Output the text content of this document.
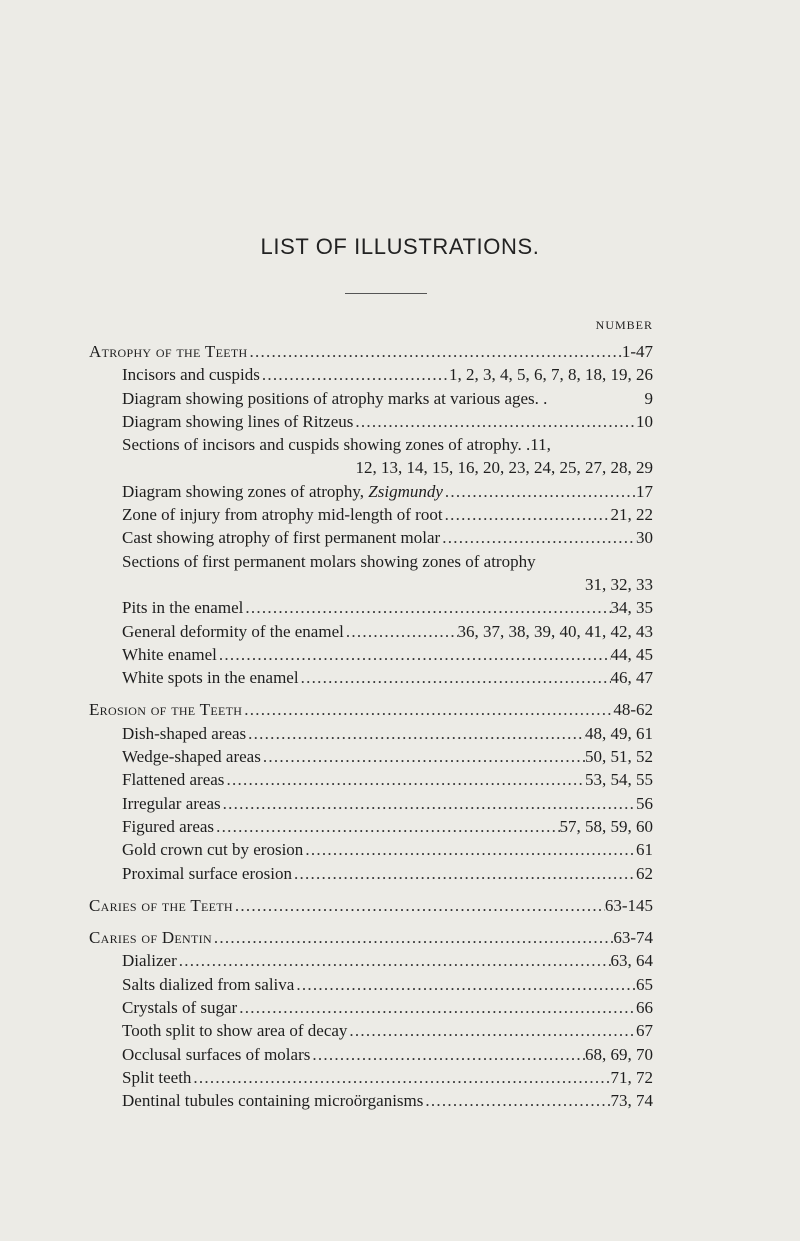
LIST OF ILLUSTRATIONS.
NUMBER
Atrophy of the Teeth . . .	1-47
Incisors and cuspids . . .	1, 2, 3, 4, 5, 6, 7, 8, 18, 19, 26
Diagram showing positions of atrophy marks at various ages. .	9
Diagram showing lines of Ritzeus . . .	10
Sections of incisors and cuspids showing zones of atrophy. .11,
12, 13, 14, 15, 16, 20, 23, 24, 25, 27, 28, 29
Diagram showing zones of atrophy, Zsigmundy . . .	17
Zone of injury from atrophy mid-length of root . . .	21, 22
Cast showing atrophy of first permanent molar . . .	30
Sections of first permanent molars showing zones of atrophy
31, 32, 33
Pits in the enamel . . .	34, 35
General deformity of the enamel . . .	36, 37, 38, 39, 40, 41, 42, 43
White enamel . . .	44, 45
White spots in the enamel . . .	46, 47
Erosion of the Teeth . . .	48-62
Dish-shaped areas . . .	48, 49, 61
Wedge-shaped areas . . .	50, 51, 52
Flattened areas . . .	53, 54, 55
Irregular areas . . .	56
Figured areas . . .	57, 58, 59, 60
Gold crown cut by erosion . . .	61
Proximal surface erosion . . .	62
Caries of the Teeth . . .	63-145
Caries of Dentin . . .	63-74
Dializer . . .	63, 64
Salts dialized from saliva . . .	65
Crystals of sugar . . .	66
Tooth split to show area of decay . . .	67
Occlusal surfaces of molars . . .	68, 69, 70
Split teeth . . .	71, 72
Dentinal tubules containing microörganisms . . .	73, 74
